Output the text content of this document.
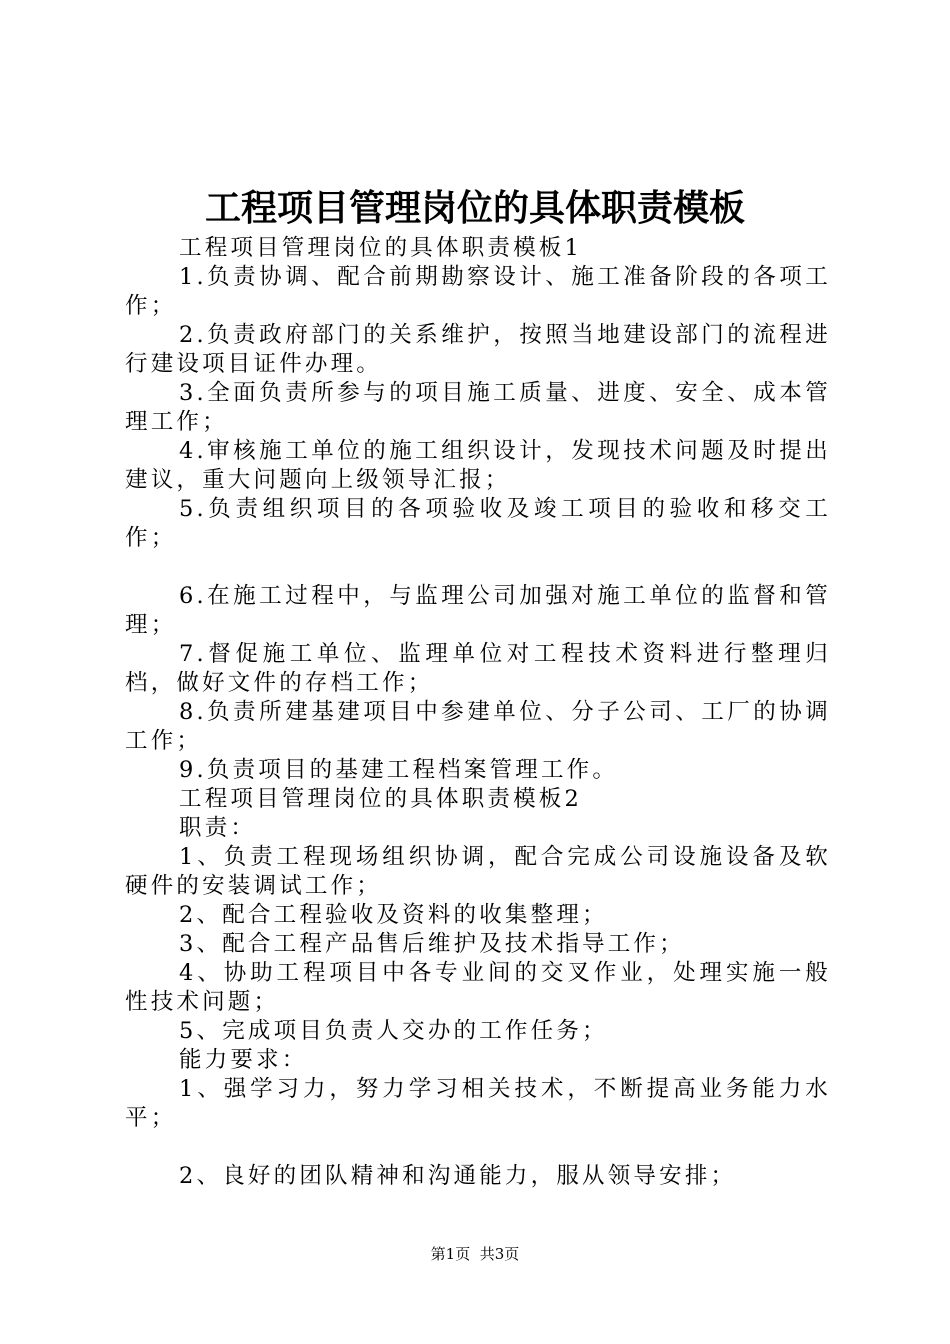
工程项目管理岗位的具体职责模板

工程项目管理岗位的具体职责模板1

1.负责协调、配合前期勘察设计、施工准备阶段的各项工作；

2.负责政府部门的关系维护，按照当地建设部门的流程进行建设项目证件办理。

3.全面负责所参与的项目施工质量、进度、安全、成本管理工作；

4.审核施工单位的施工组织设计，发现技术问题及时提出建议，重大问题向上级领导汇报；

5.负责组织项目的各项验收及竣工项目的验收和移交工作；

6.在施工过程中，与监理公司加强对施工单位的监督和管理；

7.督促施工单位、监理单位对工程技术资料进行整理归档，做好文件的存档工作；

8.负责所建基建项目中参建单位、分子公司、工厂的协调工作；

9.负责项目的基建工程档案管理工作。

工程项目管理岗位的具体职责模板2

职责：

1、负责工程现场组织协调，配合完成公司设施设备及软硬件的安装调试工作；

2、配合工程验收及资料的收集整理；

3、配合工程产品售后维护及技术指导工作；

4、协助工程项目中各专业间的交叉作业，处理实施一般性技术问题；

5、完成项目负责人交办的工作任务；

能力要求：

1、强学习力，努力学习相关技术，不断提高业务能力水平；

2、良好的团队精神和沟通能力，服从领导安排；

第1页 共3页
